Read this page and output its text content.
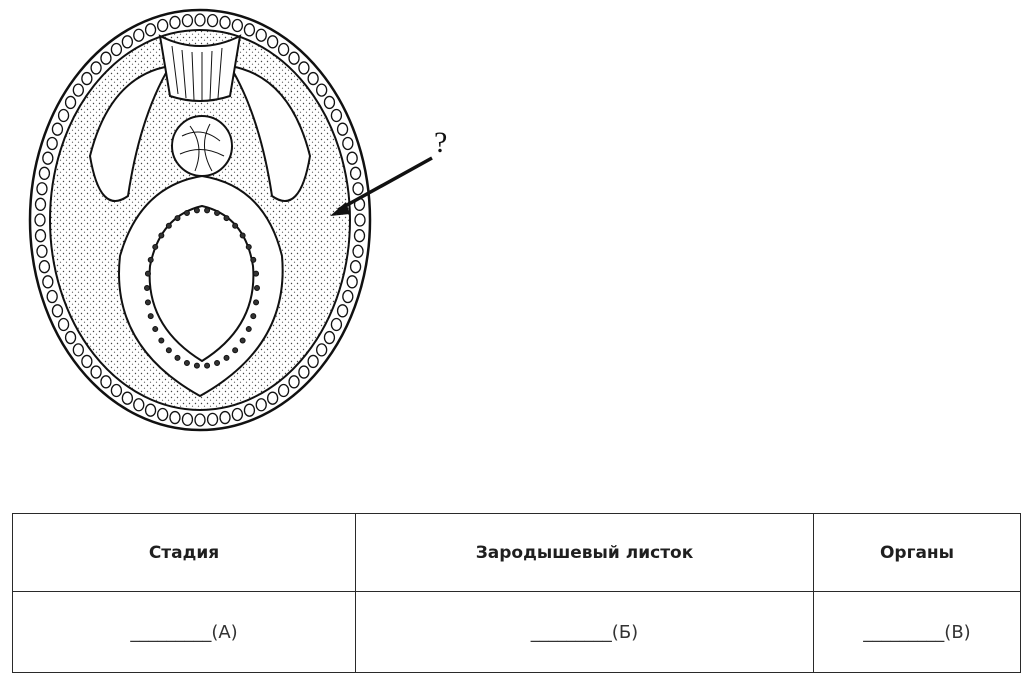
?
Стадия	Зародышевый листок	Органы
_________(А)	_________(Б)	_________(В)
